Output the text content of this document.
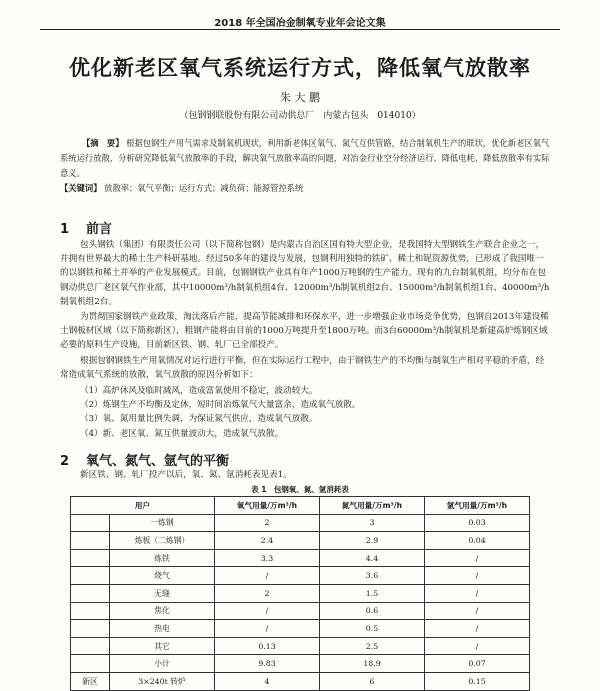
2018 年全国冶金制氧专业年会论文集
优化新老区氧气系统运行方式，降低氧气放散率
朱 大 鹏
（包钢钢联股份有限公司动供总厂　内蒙古包头　014010）
【摘　要】 根据包钢生产用气需求及制氧机现状，利用新老体区氧气、氮气互供管路，结合制氧机生产的联状，优化新老区氧气系统运行放散，分析研究降低氧气放散率的手段，解决氧气放散率高的问题，对冶金行业空分经济运行、降低电耗、降低放散率有实际意义。
【关键词】 放散率；氧气平衡；运行方式；减负荷；能源管控系统
1 前言
包头钢铁（集团）有限责任公司（以下简称包钢）是内蒙古自治区国有特大型企业，是我国特大型钢铁生产联合企业之一，并拥有世界最大的稀土生产科研基地。经过50多年的建设与发展，包钢利用独特的铁矿、稀土和铌资源优势，已形成了我国唯一的以钢铁和稀土并举的产业发展模式。目前，包钢钢铁产业具有年产1000万吨钢的生产能力。现有的九台制氧机组，均分布在包钢动供总厂老区氧气作业部，其中10000m³/h制氧机组4台、12000m³/h制氧机组2台、15000m³/h制氧机组1台、40000m³/h制氧机组2台。
为贯彻国家钢铁产业政策，淘汰落后产能，提高节能减排和环保水平，进一步增强企业市场竞争优势，包钢自2013年建设稀土钢板材区域（以下简称新区），粗钢产能将由目前的1000万吨提升至1800万吨。而3台60000m³/h制氧机是新建高炉炼钢区域必要的原料生产设施，目前新区铁、钢、轧厂已全部投产。
根据包钢钢铁生产用氧情况对运行进行平衡，但在实际运行工程中，由于钢铁生产的不均衡与制氧生产相对平稳的矛盾，经常造成氧气系统的放散，氧气放散的原因分析如下：
（1）高炉休风及临时减风，造成富氧使用不稳定，波动较大。
（2）炼钢生产不均衡及定休，短时间冶炼氧气大量富余，造成氧气放散。
（3）氧、氮用量比例失调，为保证氮气供应，造成氧气放散。
（4）新、老区氧、氮互供量波动大，造成氧气放散。
2 氧气、氮气、氩气的平衡
新区铁、钢、轧厂投产以后，氧、氮、氩消耗表见表1。
表 1　包钢氧、氮、氩消耗表
用户		氧气用量/万m³/h	氮气用量/万m³/h	氩气用量/万m³/h
	一炼钢	2	3	0.03
	炼板（二炼钢）	2.4	2.9	0.04
	炼铁	3.3	4.4	/
	烧气	/	3.6	/
	无缝	2	1.5	/
	焦化	/	0.6	/
	热电	/	0.5	/
	其它	0.13	2.5	/
	小计	9.83	18.9	0.07
新区	3×240t 转炉	4	6	0.15
